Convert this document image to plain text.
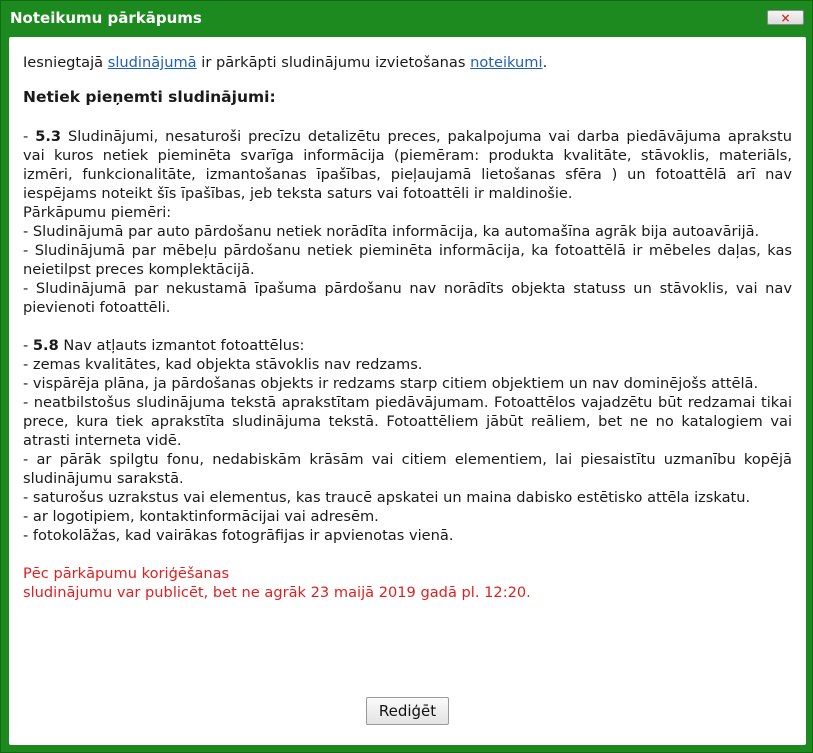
Noteikumu pārkāpums	×

Iesniegtajā sludinājumā ir pārkāpti sludinājumu izvietošanas noteikumi.

Netiek pieņemti sludinājumi:

- 5.3 Sludinājumi, nesaturoši precīzu detalizētu preces, pakalpojuma vai darba piedāvājuma aprakstu vai kuros netiek pieminēta svarīga informācija (piemēram: produkta kvalitāte, stāvoklis, materiāls, izmēri, funkcionalitāte, izmantošanas īpašības, pieļaujamā lietošanas sfēra ) un fotoattēlā arī nav iespējams noteikt šīs īpašības, jeb teksta saturs vai fotoattēli ir maldinošie.

Pārkāpumu piemēri:

- Sludinājumā par auto pārdošanu netiek norādīta informācija, ka automašīna agrāk bija autoavārijā.

- Sludinājumā par mēbeļu pārdošanu netiek pieminēta informācija, ka fotoattēlā ir mēbeles daļas, kas neietilpst preces komplektācijā.

- Sludinājumā par nekustamā īpašuma pārdošanu nav norādīts objekta statuss un stāvoklis, vai nav pievienoti fotoattēli.

- 5.8 Nav atļauts izmantot fotoattēlus:

- zemas kvalitātes, kad objekta stāvoklis nav redzams.

- vispārēja plāna, ja pārdošanas objekts ir redzams starp citiem objektiem un nav dominējošs attēlā.

- neatbilstošus sludinājuma tekstā aprakstītam piedāvājumam. Fotoattēlos vajadzētu būt redzamai tikai prece, kura tiek aprakstīta sludinājuma tekstā. Fotoattēliem jābūt reāliem, bet ne no katalogiem vai atrasti interneta vidē.

- ar pārāk spilgtu fonu, nedabiskām krāsām vai citiem elementiem, lai piesaistītu uzmanību kopējā sludinājumu sarakstā.

- saturošus uzrakstus vai elementus, kas traucē apskatei un maina dabisko estētisko attēla izskatu.

- ar logotipiem, kontaktinformācijai vai adresēm.

- fotokolāžas, kad vairākas fotogrāfijas ir apvienotas vienā.

Pēc pārkāpumu koriģēšanas

sludinājumu var publicēt, bet ne agrāk 23 maijā 2019 gadā pl. 12:20.

Rediģēt
